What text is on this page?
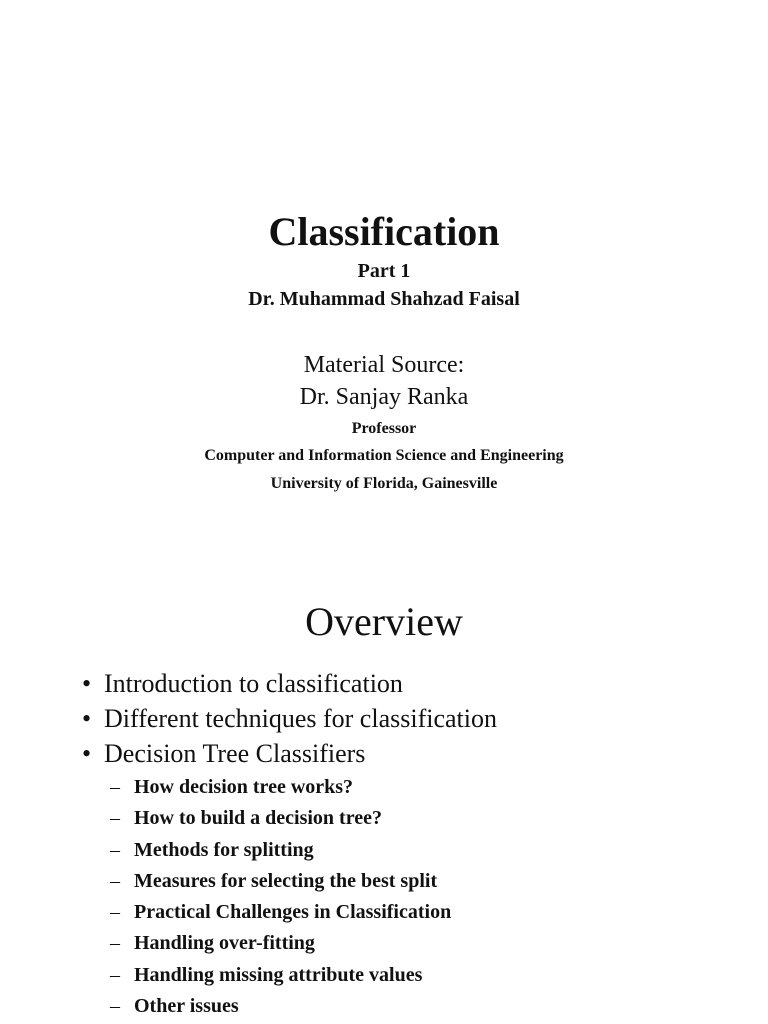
Classification
Part 1
Dr. Muhammad Shahzad Faisal
Material Source:
Dr. Sanjay Ranka
Professor
Computer and Information Science and Engineering
University of Florida, Gainesville
Overview
• Introduction to classification
• Different techniques for classification
• Decision Tree Classifiers
– How decision tree works?
– How to build a decision tree?
– Methods for splitting
– Measures for selecting the best split
– Practical Challenges in Classification
– Handling over-fitting
– Handling missing attribute values
– Other issues
